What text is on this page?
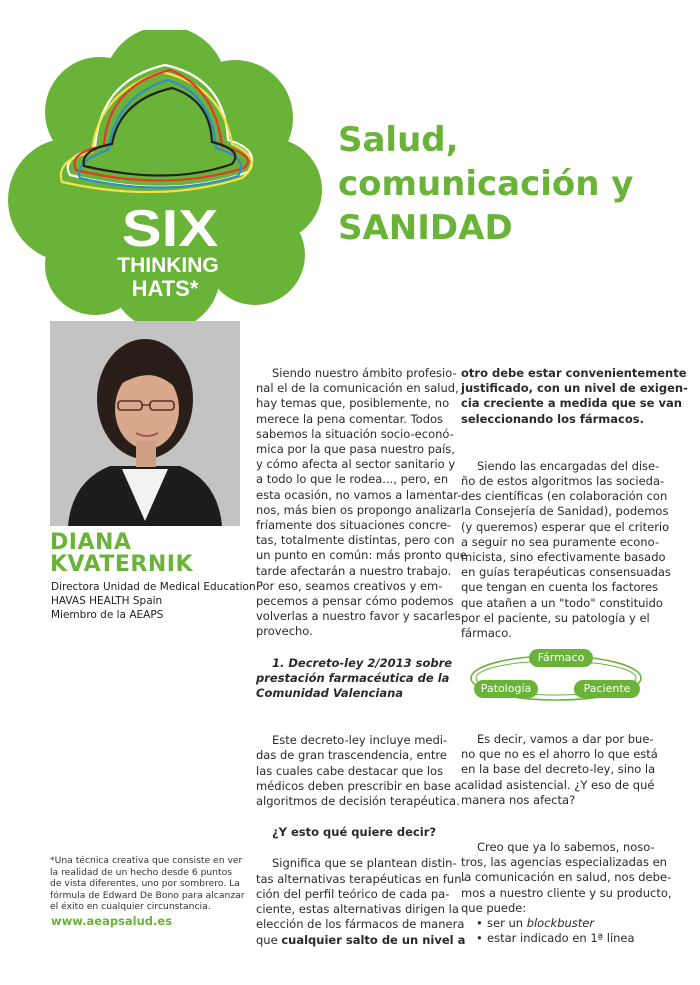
SIX
THINKING
HATS*
Salud,
comunicación y
SANIDAD
DIANA
KVATERNIK
Directora Unidad de Medical Education
HAVAS HEALTH Spain
Miembro de la AEAPS
*Una técnica creativa que consiste en ver
la realidad de un hecho desde 6 puntos
de vista diferentes, uno por sombrero. La
fórmula de Edward De Bono para alcanzar
el éxito en cualquier circunstancia.
www.aeapsalud.es
Siendo nuestro ámbito profesio-
nal el de la comunicación en salud,
hay temas que, posiblemente, no
merece la pena comentar. Todos
sabemos la situación socio-econó-
mica por la que pasa nuestro país,
y cómo afecta al sector sanitario y
a todo lo que le rodea..., pero, en
esta ocasión, no vamos a lamentar-
nos, más bien os propongo analizar
fríamente dos situaciones concre-
tas, totalmente distintas, pero con
un punto en común: más pronto que
tarde afectarán a nuestro trabajo.
Por eso, seamos creativos y em-
pecemos a pensar cómo podemos
volverlas a nuestro favor y sacarles
provecho.
1. Decreto-ley 2/2013 sobre
prestación farmacéutica de la
Comunidad Valenciana
Este decreto-ley incluye medi-
das de gran trascendencia, entre
las cuales cabe destacar que los
médicos deben prescribir en base a
algoritmos de decisión terapéutica.
¿Y esto qué quiere decir?
Significa que se plantean distin-
tas alternativas terapéuticas en fun-
ción del perfil teórico de cada pa-
ciente, estas alternativas dirigen la
elección de los fármacos de manera
que cualquier salto de un nivel a
otro debe estar convenientemente
justificado, con un nivel de exigen-
cia creciente a medida que se van
seleccionando los fármacos.
Siendo las encargadas del dise-
ño de estos algoritmos las socieda-
des científicas (en colaboración con
la Consejería de Sanidad), podemos
(y queremos) esperar que el criterio
a seguir no sea puramente econo-
micista, sino efectivamente basado
en guías terapéuticas consensuadas
que tengan en cuenta los factores
que atañen a un "todo" constituido
por el paciente, su patología y el
fármaco.
Fármaco
Patología	Paciente
Es decir, vamos a dar por bue-
no que no es el ahorro lo que está
en la base del decreto-ley, sino la
calidad asistencial. ¿Y eso de qué
manera nos afecta?
Creo que ya lo sabemos, noso-
tros, las agencias especializadas en
la comunicación en salud, nos debe-
mos a nuestro cliente y su producto,
que puede:
• ser un blockbuster
• estar indicado en 1ª línea
